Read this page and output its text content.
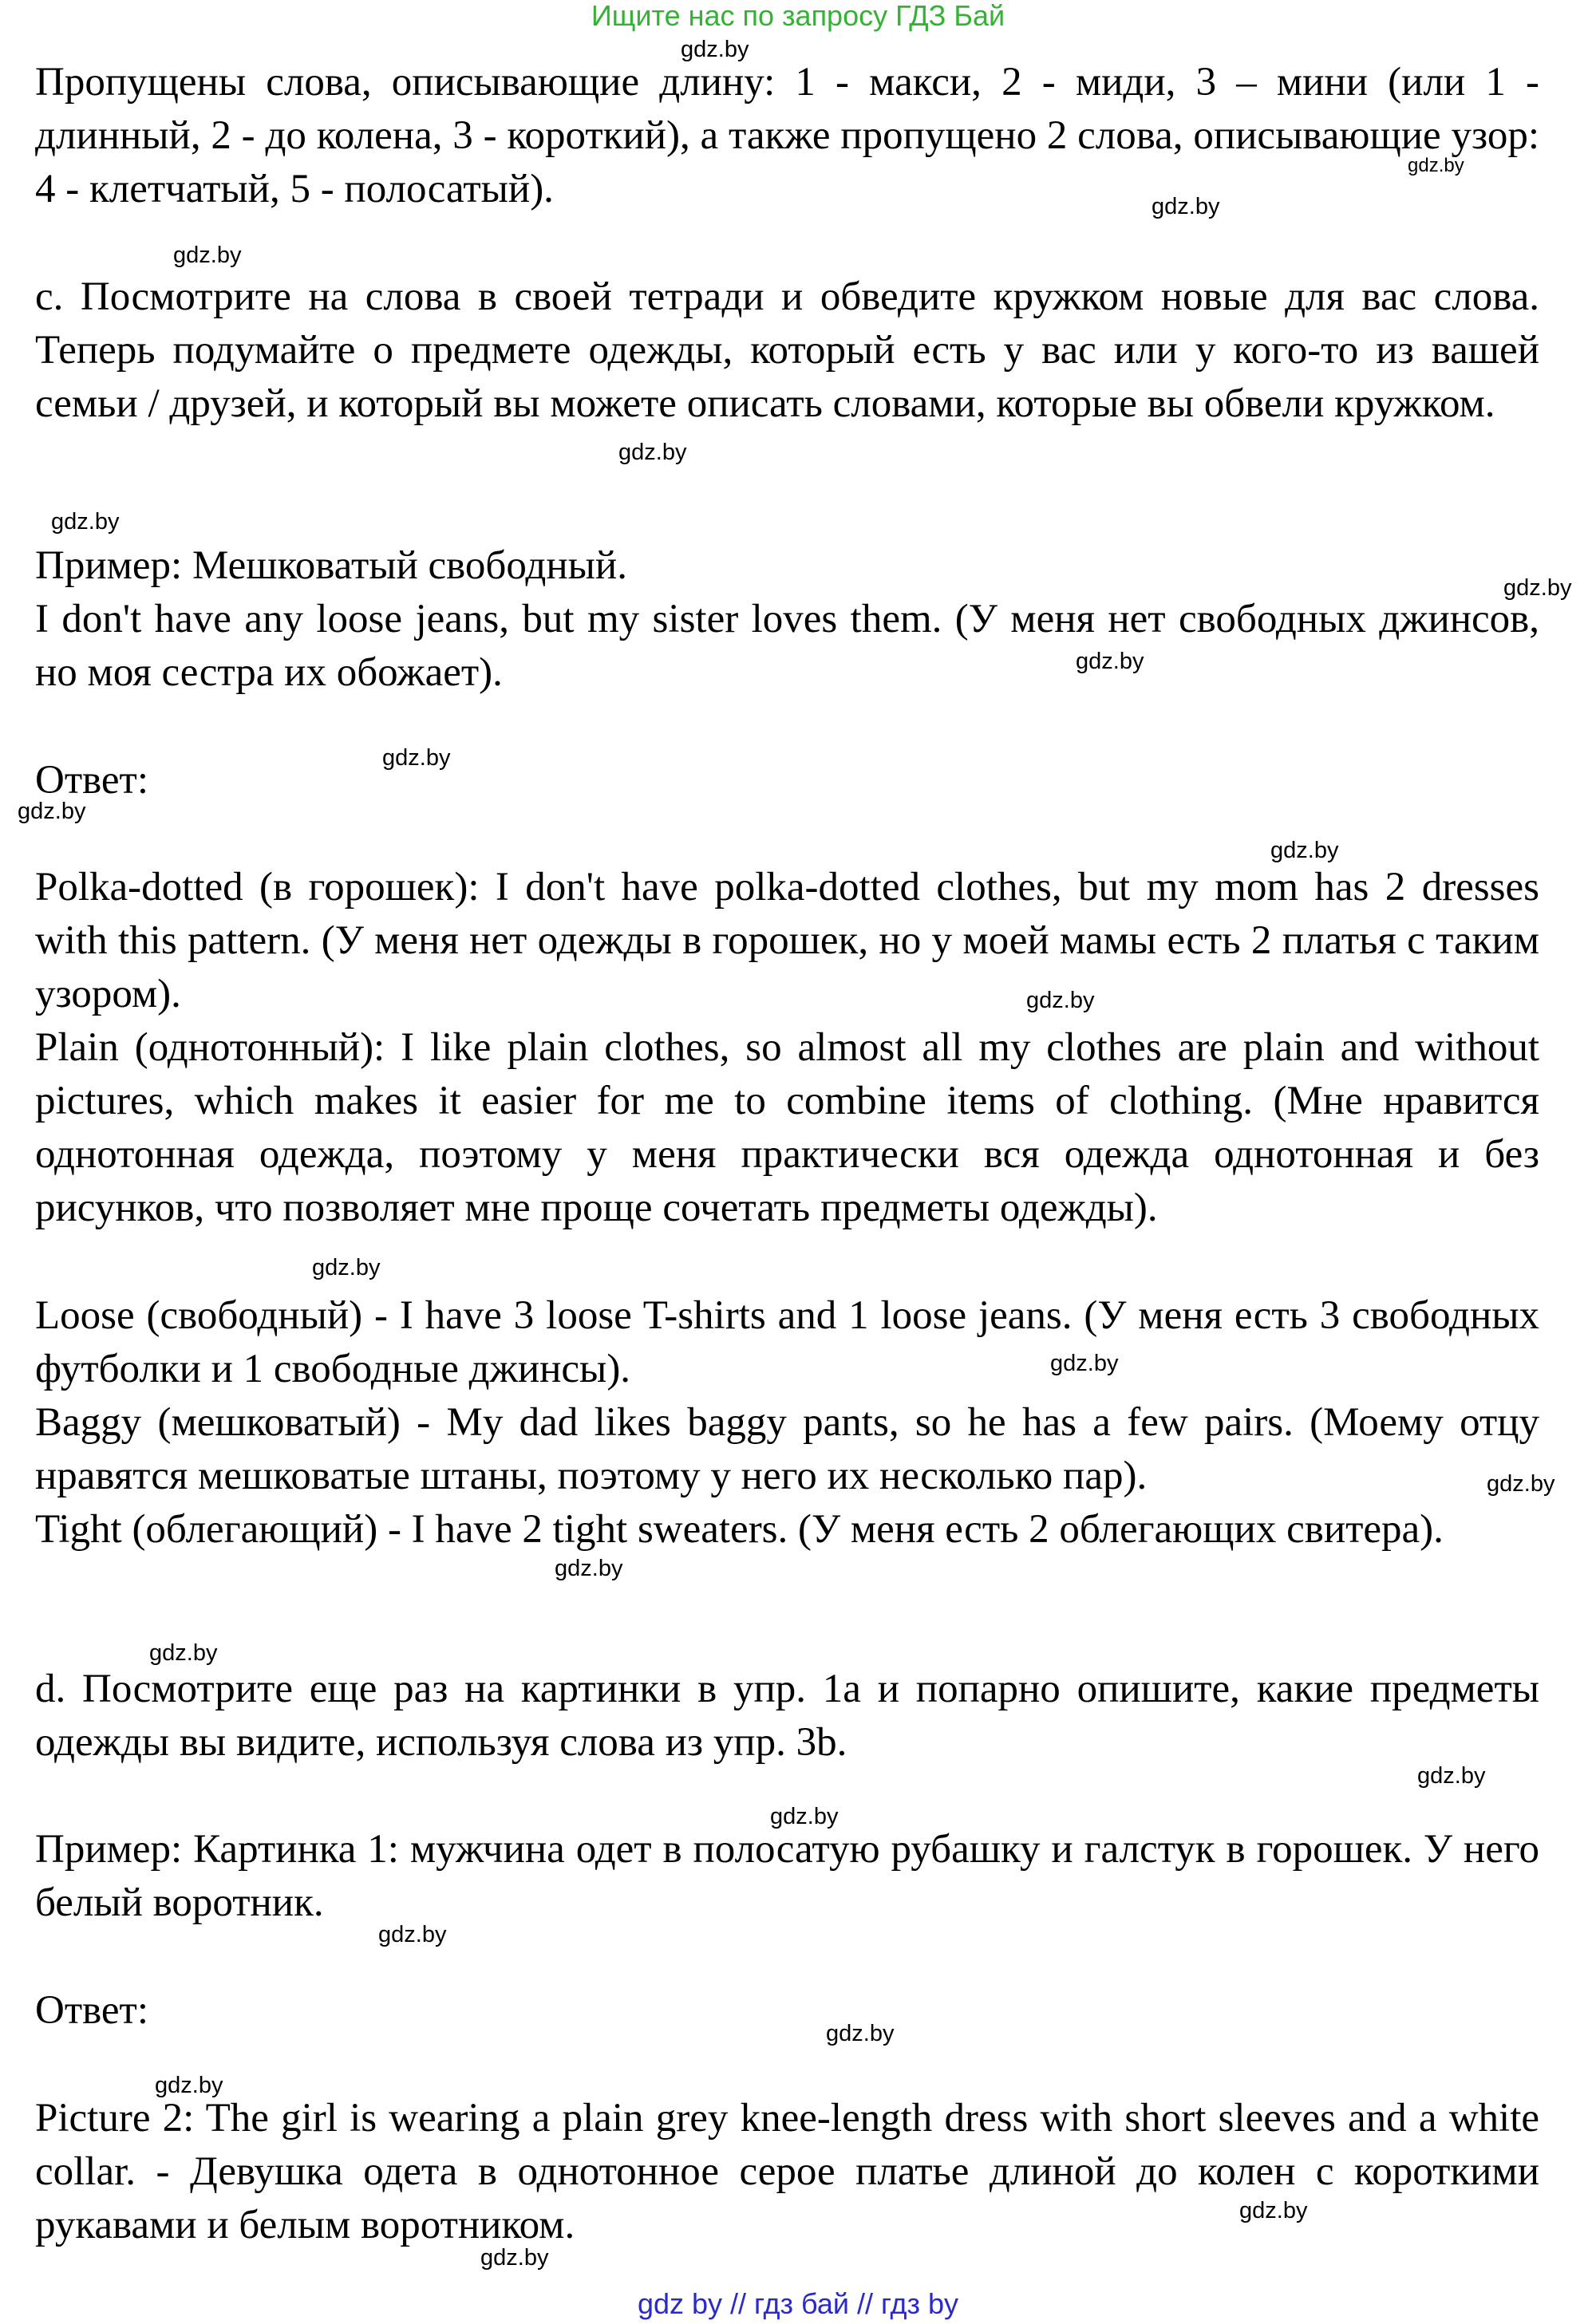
Ищите нас по запросу ГДЗ Бай
gdz.by
gdz.by
gdz.by
gdz.by
gdz.by
gdz.by
gdz.by
gdz.by
gdz.by
gdz.by
gdz.by
gdz.by
gdz.by
gdz.by
gdz.by
gdz.by
gdz.by
gdz.by
gdz.by
gdz.by
gdz.by
gdz.by
gdz.by
gdz.by
Пропущены слова, описывающие длину: 1 - макси, 2 - миди, 3 – мини (или 1 - длинный, 2 - до колена, 3 - короткий), а также пропущено 2 слова, описывающие узор: 4 - клетчатый, 5 - полосатый).
c. Посмотрите на слова в своей тетради и обведите кружком новые для вас слова. Теперь подумайте о предмете одежды, который есть у вас или у кого-то из вашей семьи / друзей, и который вы можете описать словами, которые вы обвели кружком.
Пример: Мешковатый свободный.
I don't have any loose jeans, but my sister loves them. (У меня нет свободных джинсов, но моя сестра их обожает).
Ответ:
Polka-dotted (в горошек): I don't have polka-dotted clothes, but my mom has 2 dresses with this pattern. (У меня нет одежды в горошек, но у моей мамы есть 2 платья с таким узором).
Plain (однотонный): I like plain clothes, so almost all my clothes are plain and without pictures, which makes it easier for me to combine items of clothing. (Мне нравится однотонная одежда, поэтому у меня практически вся одежда однотонная и без рисунков, что позволяет мне проще сочетать предметы одежды).
Loose (свободный) - I have 3 loose T-shirts and 1 loose jeans. (У меня есть 3 свободных футболки и 1 свободные джинсы).
Baggy (мешковатый) - My dad likes baggy pants, so he has a few pairs. (Моему отцу нравятся мешковатые штаны, поэтому у него их несколько пар).
Tight (облегающий) - I have 2 tight sweaters. (У меня есть 2 облегающих свитера).
d. Посмотрите еще раз на картинки в упр. 1a и попарно опишите, какие предметы одежды вы видите, используя слова из упр. 3b.
Пример: Картинка 1: мужчина одет в полосатую рубашку и галстук в горошек. У него белый воротник.
Ответ:
Picture 2: The girl is wearing a plain grey knee-length dress with short sleeves and a white collar. - Девушка одета в однотонное серое платье длиной до колен с короткими рукавами и белым воротником.
gdz by // гдз бай // гдз by
